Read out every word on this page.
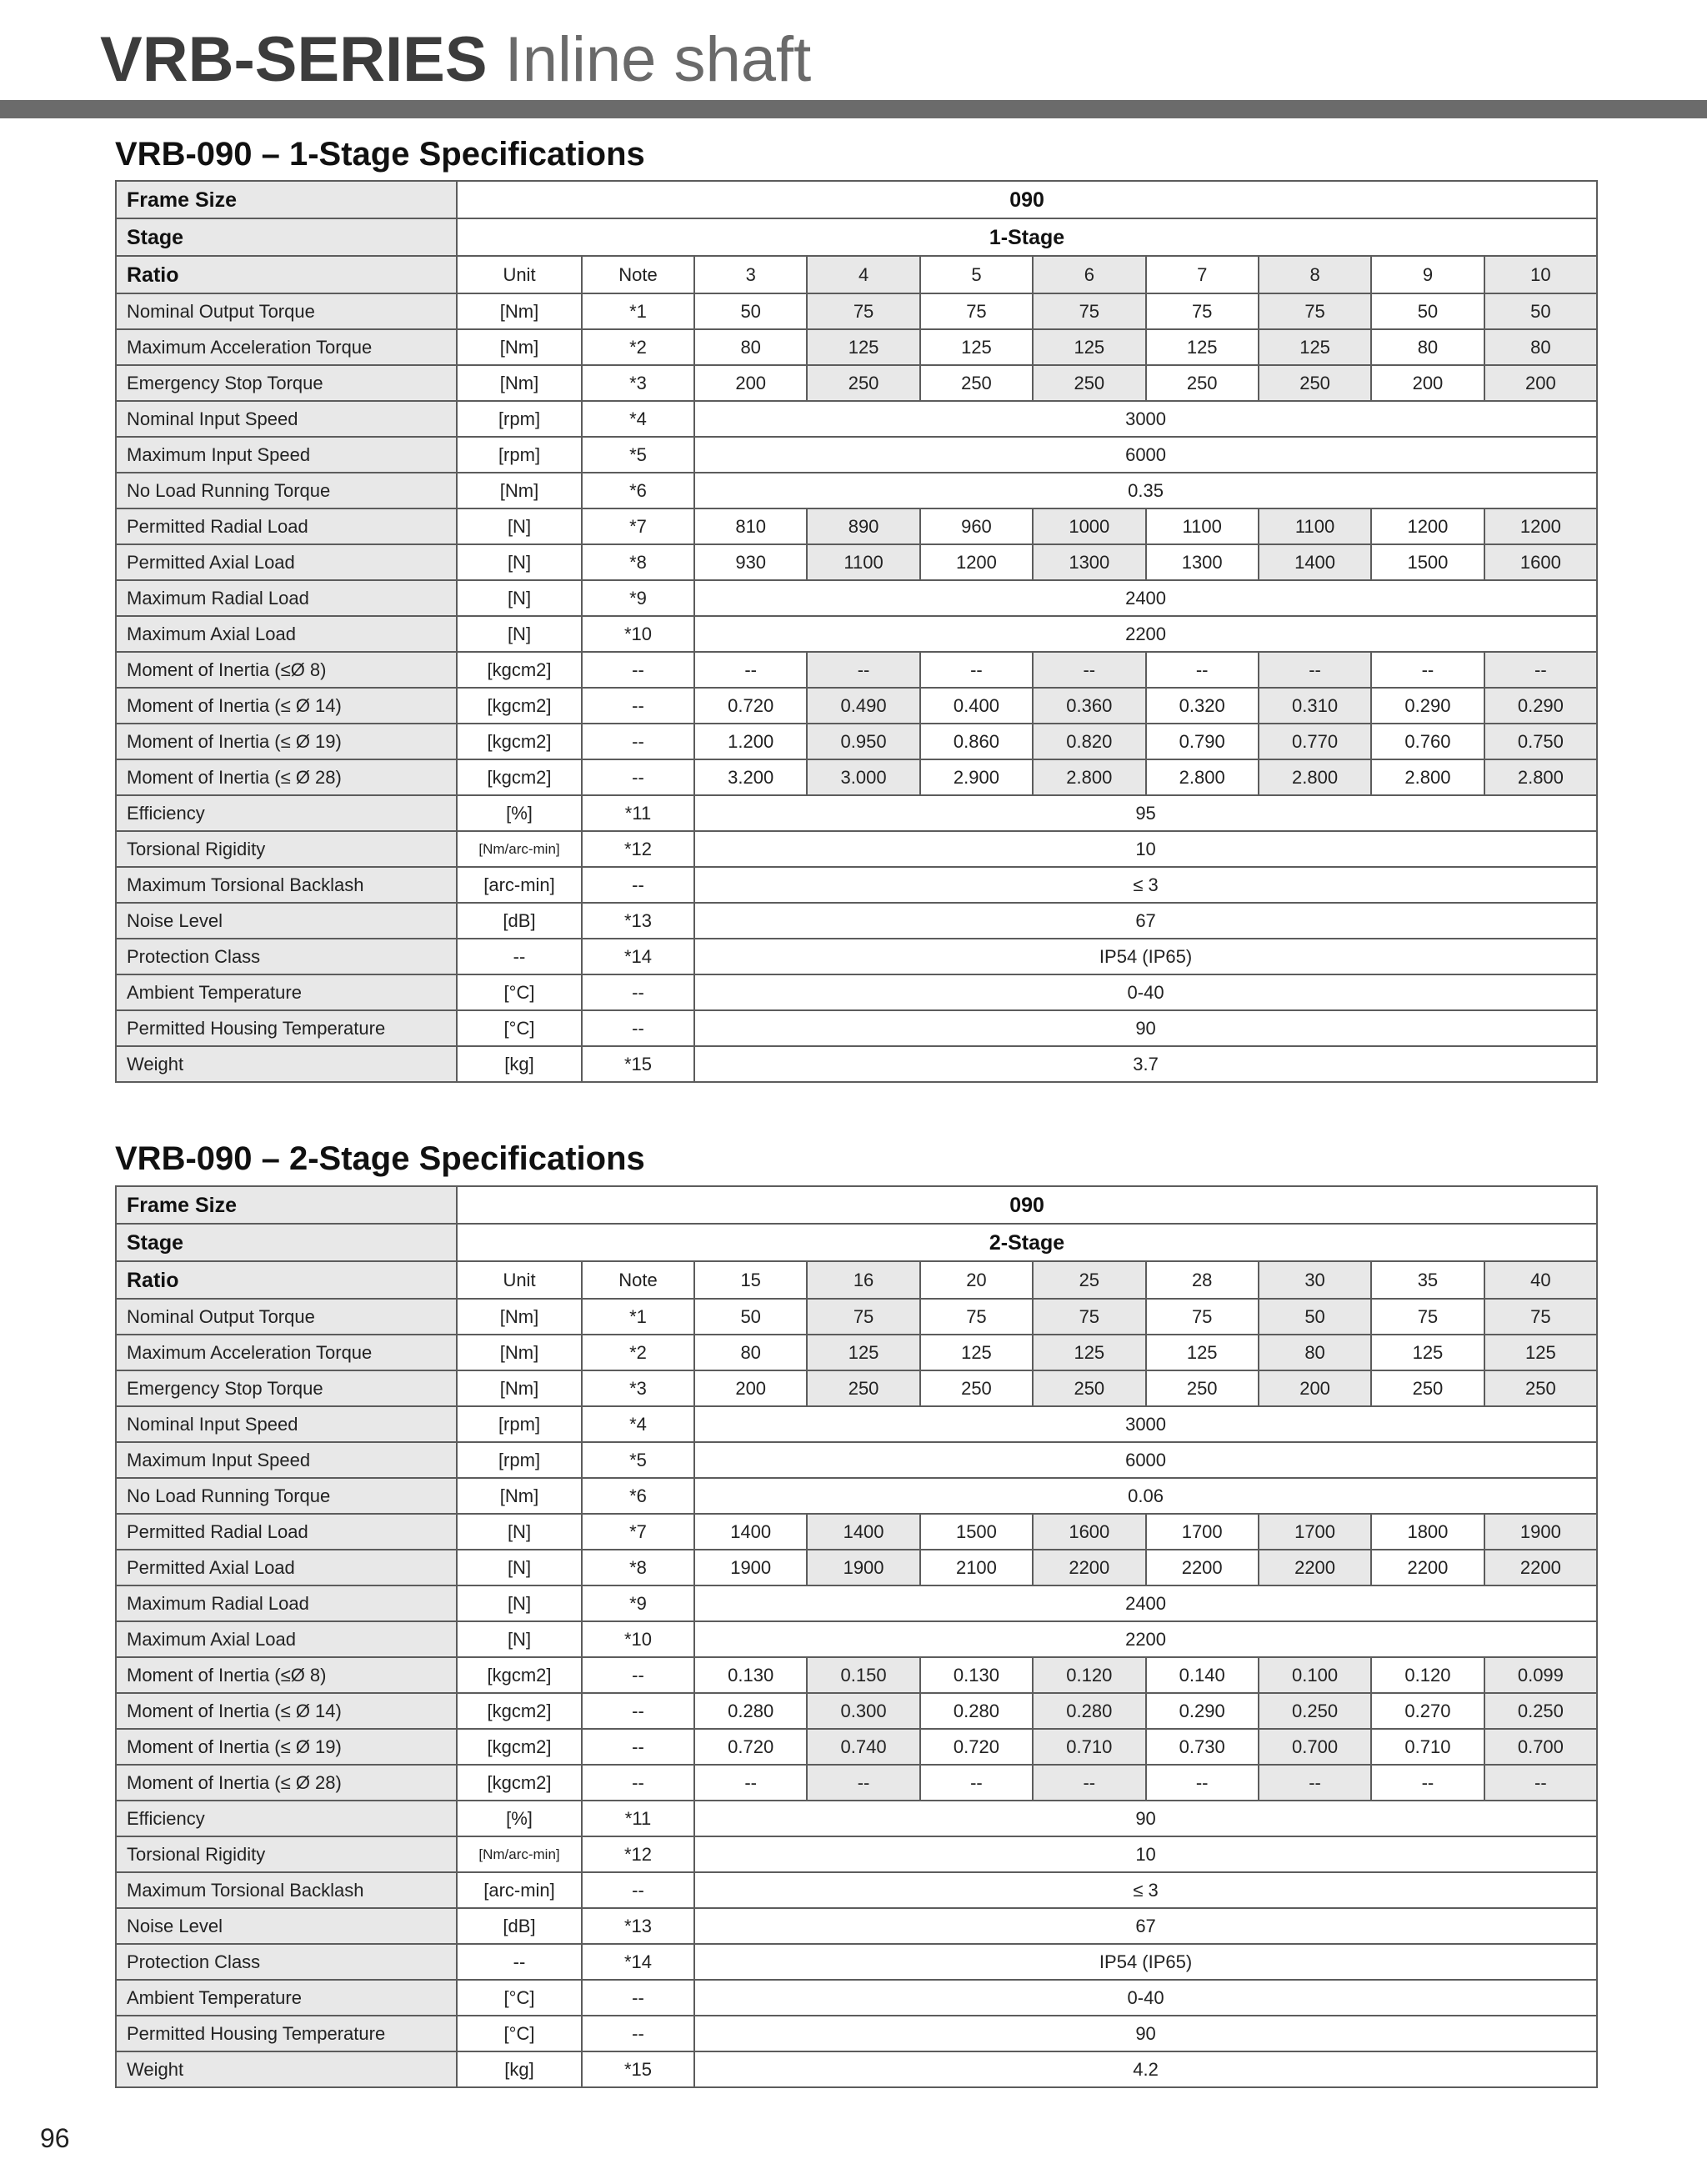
VRB-SERIES Inline shaft
VRB-090 – 1-Stage Specifications
Frame Size	090									
Stage	1-Stage									
Ratio	Unit	Note	3	4	5	6	7	8	9	10
Nominal Output Torque	[Nm]	*1	50	75	75	75	75	75	50	50
Maximum Acceleration Torque	[Nm]	*2	80	125	125	125	125	125	80	80
Emergency Stop Torque	[Nm]	*3	200	250	250	250	250	250	200	200
Nominal Input Speed	[rpm]	*4	3000							
Maximum Input Speed	[rpm]	*5	6000							
No Load Running Torque	[Nm]	*6	0.35							
Permitted Radial Load	[N]	*7	810	890	960	1000	1100	1100	1200	1200
Permitted Axial Load	[N]	*8	930	1100	1200	1300	1300	1400	1500	1600
Maximum Radial Load	[N]	*9	2400							
Maximum Axial Load	[N]	*10	2200							
Moment of Inertia (≤Ø 8)	[kgcm2]	--	--	--	--	--	--	--	--	--
Moment of Inertia (≤ Ø 14)	[kgcm2]	--	0.720	0.490	0.400	0.360	0.320	0.310	0.290	0.290
Moment of Inertia (≤ Ø 19)	[kgcm2]	--	1.200	0.950	0.860	0.820	0.790	0.770	0.760	0.750
Moment of Inertia (≤ Ø 28)	[kgcm2]	--	3.200	3.000	2.900	2.800	2.800	2.800	2.800	2.800
Efficiency	[%]	*11	95							
Torsional Rigidity	[Nm/arc-min]	*12	10							
Maximum Torsional Backlash	[arc-min]	--	≤ 3							
Noise Level	[dB]	*13	67							
Protection Class	--	*14	IP54 (IP65)							
Ambient Temperature	[°C]	--	0-40							
Permitted Housing Temperature	[°C]	--	90							
Weight	[kg]	*15	3.7							
VRB-090 – 2-Stage Specifications
Frame Size	090									
Stage	2-Stage									
Ratio	Unit	Note	15	16	20	25	28	30	35	40
Nominal Output Torque	[Nm]	*1	50	75	75	75	75	50	75	75
Maximum Acceleration Torque	[Nm]	*2	80	125	125	125	125	80	125	125
Emergency Stop Torque	[Nm]	*3	200	250	250	250	250	200	250	250
Nominal Input Speed	[rpm]	*4	3000							
Maximum Input Speed	[rpm]	*5	6000							
No Load Running Torque	[Nm]	*6	0.06							
Permitted Radial Load	[N]	*7	1400	1400	1500	1600	1700	1700	1800	1900
Permitted Axial Load	[N]	*8	1900	1900	2100	2200	2200	2200	2200	2200
Maximum Radial Load	[N]	*9	2400							
Maximum Axial Load	[N]	*10	2200							
Moment of Inertia (≤Ø 8)	[kgcm2]	--	0.130	0.150	0.130	0.120	0.140	0.100	0.120	0.099
Moment of Inertia (≤ Ø 14)	[kgcm2]	--	0.280	0.300	0.280	0.280	0.290	0.250	0.270	0.250
Moment of Inertia (≤ Ø 19)	[kgcm2]	--	0.720	0.740	0.720	0.710	0.730	0.700	0.710	0.700
Moment of Inertia (≤ Ø 28)	[kgcm2]	--	--	--	--	--	--	--	--	--
Efficiency	[%]	*11	90							
Torsional Rigidity	[Nm/arc-min]	*12	10							
Maximum Torsional Backlash	[arc-min]	--	≤ 3							
Noise Level	[dB]	*13	67							
Protection Class	--	*14	IP54 (IP65)							
Ambient Temperature	[°C]	--	0-40							
Permitted Housing Temperature	[°C]	--	90							
Weight	[kg]	*15	4.2							

96
